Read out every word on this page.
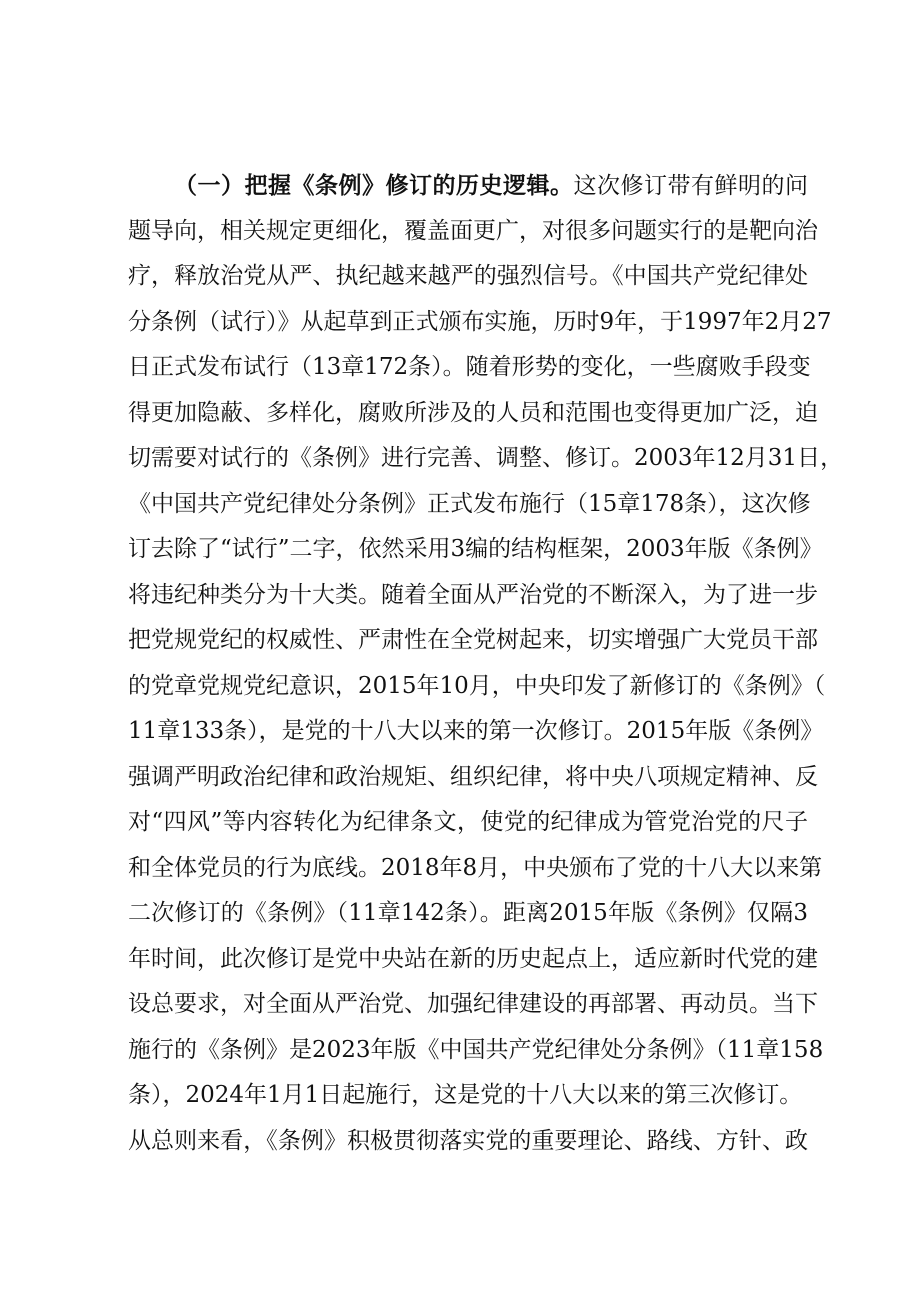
（一）把握《条例》修订的历史逻辑。这次修订带有鲜明的问
题导向，相关规定更细化，覆盖面更广，对很多问题实行的是靶向治
疗，释放治党从严、执纪越来越严的强烈信号。《中国共产党纪律处
分条例（试行）》从起草到正式颁布实施，历时9年，于1997年2月27
日正式发布试行（13章172条）。随着形势的变化，一些腐败手段变
得更加隐蔽、多样化，腐败所涉及的人员和范围也变得更加广泛，迫
切需要对试行的《条例》进行完善、调整、修订。2003年12月31日，
《中国共产党纪律处分条例》正式发布施行（15章178条），这次修
订去除了“试行”二字，依然采用3编的结构框架，2003年版《条例》
将违纪种类分为十大类。随着全面从严治党的不断深入，为了进一步
把党规党纪的权威性、严肃性在全党树起来，切实增强广大党员干部
的党章党规党纪意识，2015年10月，中央印发了新修订的《条例》（
11章133条），是党的十八大以来的第一次修订。2015年版《条例》
强调严明政治纪律和政治规矩、组织纪律，将中央八项规定精神、反
对“四风”等内容转化为纪律条文，使党的纪律成为管党治党的尺子
和全体党员的行为底线。2018年8月，中央颁布了党的十八大以来第
二次修订的《条例》（11章142条）。距离2015年版《条例》仅隔3
年时间，此次修订是党中央站在新的历史起点上，适应新时代党的建
设总要求，对全面从严治党、加强纪律建设的再部署、再动员。当下
施行的《条例》是2023年版《中国共产党纪律处分条例》（11章158
条），2024年1月1日起施行，这是党的十八大以来的第三次修订。
从总则来看，《条例》积极贯彻落实党的重要理论、路线、方针、政
